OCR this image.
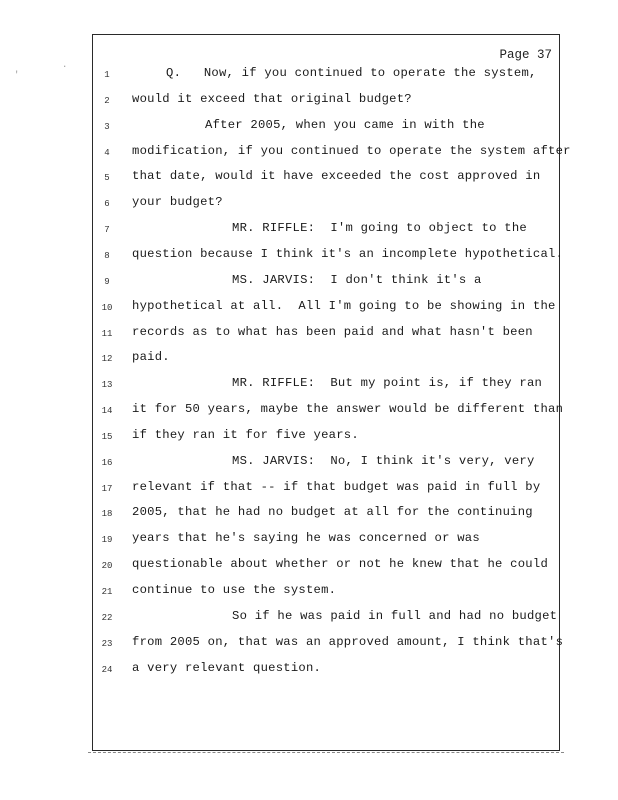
Page 37
1	Q.   Now, if you continued to operate the system,
2	would it exceed that original budget?
3	After 2005, when you came in with the
4	modification, if you continued to operate the system after
5	that date, would it have exceeded the cost approved in
6	your budget?
7	MR. RIFFLE:  I'm going to object to the
8	question because I think it's an incomplete hypothetical.
9	MS. JARVIS:  I don't think it's a
10 hypothetical at all.  All I'm going to be showing in the
11 records as to what has been paid and what hasn't been
12 paid.
13	MR. RIFFLE:  But my point is, if they ran
14 it for 50 years, maybe the answer would be different than
15 if they ran it for five years.
16	MS. JARVIS:  No, I think it's very, very
17 relevant if that -- if that budget was paid in full by
18 2005, that he had no budget at all for the continuing
19 years that he's saying he was concerned or was
20 questionable about whether or not he knew that he could
21 continue to use the system.
22	So if he was paid in full and had no budget
23 from 2005 on, that was an approved amount, I think that's
24 a very relevant question.
'
.
